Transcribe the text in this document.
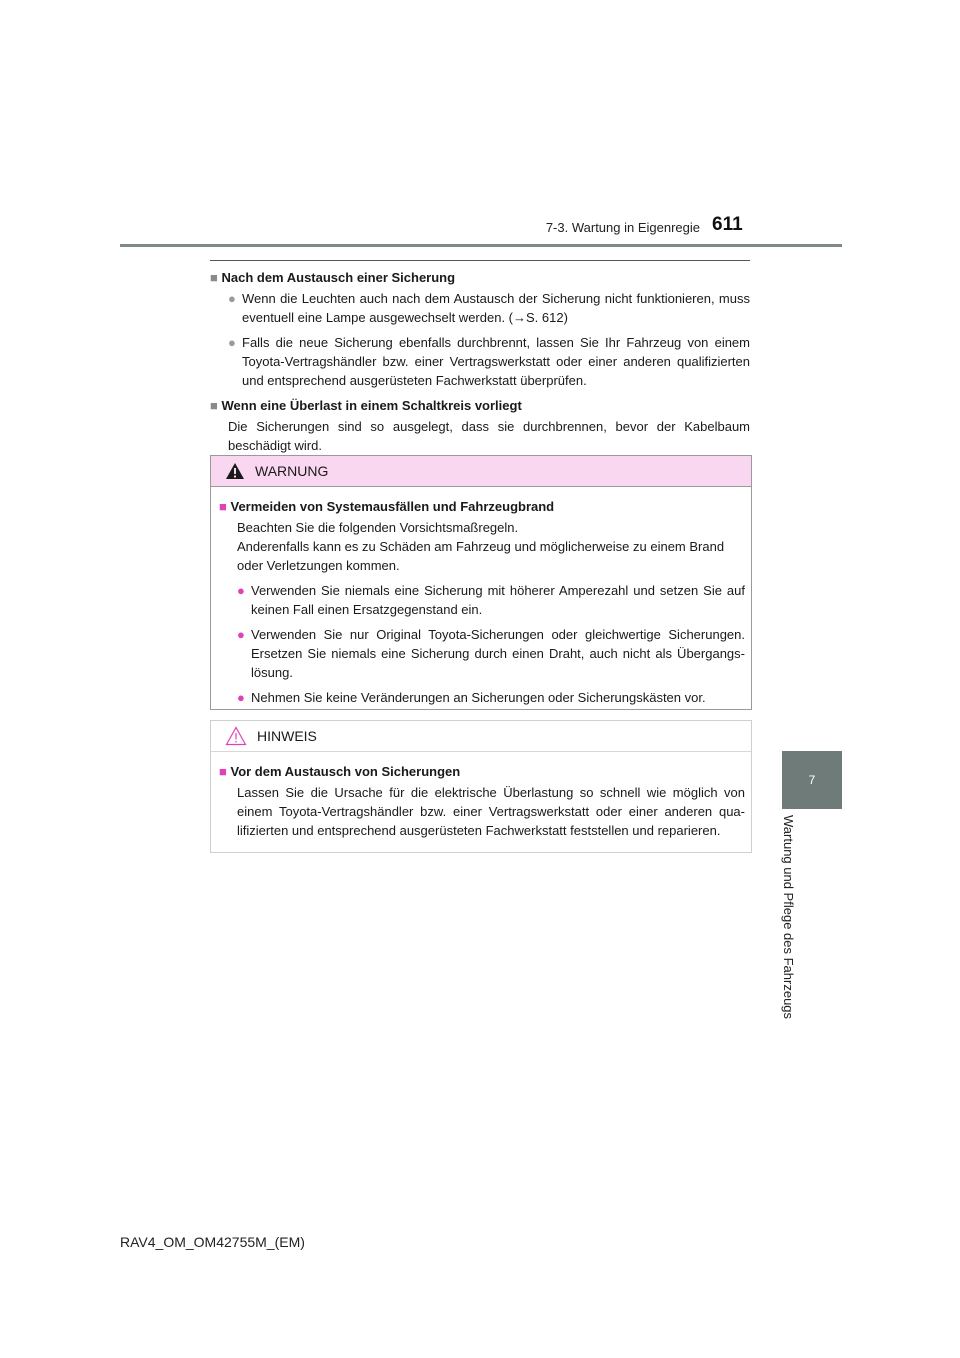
7-3. Wartung in Eigenregie 611
7
Wartung und Pflege des Fahrzeugs
■ Nach dem Austausch einer Sicherung
● Wenn die Leuchten auch nach dem Austausch der Sicherung nicht funktionieren, muss eventuell eine Lampe ausgewechselt werden. (→S. 612)
● Falls die neue Sicherung ebenfalls durchbrennt, lassen Sie Ihr Fahrzeug von einem Toyota-Vertragshändler bzw. einer Vertragswerkstatt oder einer anderen qualifizierten und entsprechend ausgerüsteten Fachwerkstatt überprüfen.
■ Wenn eine Überlast in einem Schaltkreis vorliegt
Die Sicherungen sind so ausgelegt, dass sie durchbrennen, bevor der Kabelbaum beschädigt wird.
WARNUNG
■ Vermeiden von Systemausfällen und Fahrzeugbrand
Beachten Sie die folgenden Vorsichtsmaßregeln.
Anderenfalls kann es zu Schäden am Fahrzeug und möglicherweise zu einem Brand oder Verletzungen kommen.
● Verwenden Sie niemals eine Sicherung mit höherer Amperezahl und setzen Sie auf keinen Fall einen Ersatzgegenstand ein.
● Verwenden Sie nur Original Toyota-Sicherungen oder gleichwertige Sicherungen. Ersetzen Sie niemals eine Sicherung durch einen Draht, auch nicht als Übergangslösung.
● Nehmen Sie keine Veränderungen an Sicherungen oder Sicherungskästen vor.
HINWEIS
■ Vor dem Austausch von Sicherungen
Lassen Sie die Ursache für die elektrische Überlastung so schnell wie möglich von einem Toyota-Vertragshändler bzw. einer Vertragswerkstatt oder einer anderen qualifizierten und entsprechend ausgerüsteten Fachwerkstatt feststellen und reparieren.
RAV4_OM_OM42755M_(EM)
